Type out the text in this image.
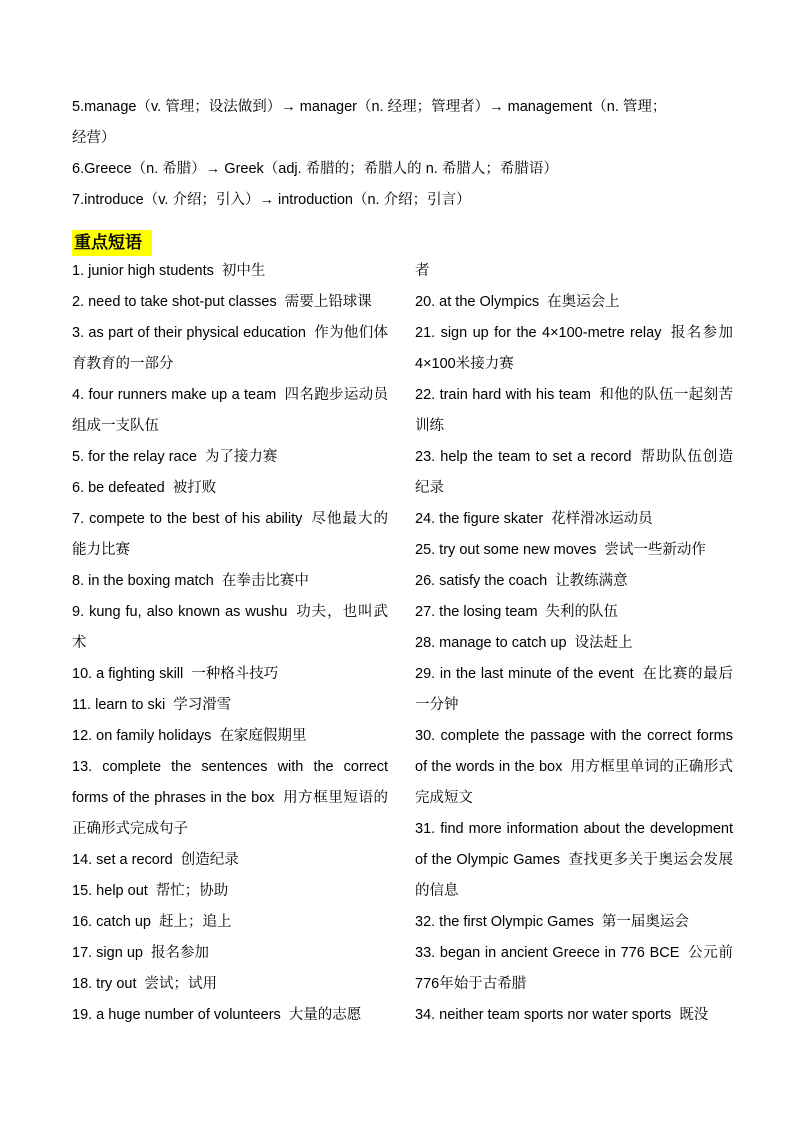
5.manage（v. 管理；设法做到）→ manager（n. 经理；管理者）→ management（n. 管理；
经营）
6.Greece（n. 希腊）→ Greek（adj. 希腊的；希腊人的 n. 希腊人；希腊语）
7.introduce（v. 介绍；引入）→ introduction（n. 介绍；引言）
重点短语
1. junior high students 初中生
2. need to take shot-put classes 需要上铅球课
3. as part of their physical education 作为他们体育教育的一部分
4. four runners make up a team 四名跑步运动员组成一支队伍
5. for the relay race 为了接力赛
6. be defeated 被打败
7. compete to the best of his ability 尽他最大的能力比赛
8. in the boxing match 在拳击比赛中
9. kung fu, also known as wushu 功夫，也叫武术
10. a fighting skill 一种格斗技巧
11. learn to ski 学习滑雪
12. on family holidays 在家庭假期里
13. complete the sentences with the correct forms of the phrases in the box 用方框里短语的正确形式完成句子
14. set a record 创造纪录
15. help out 帮忙；协助
16. catch up 赶上；追上
17. sign up 报名参加
18. try out 尝试；试用
19. a huge number of volunteers 大量的志愿
者
20. at the Olympics 在奥运会上
21. sign up for the 4×100-metre relay 报名参加4×100米接力赛
22. train hard with his team 和他的队伍一起刻苦训练
23. help the team to set a record 帮助队伍创造纪录
24. the figure skater 花样滑冰运动员
25. try out some new moves 尝试一些新动作
26. satisfy the coach 让教练满意
27. the losing team 失利的队伍
28. manage to catch up 设法赶上
29. in the last minute of the event 在比赛的最后一分钟
30. complete the passage with the correct forms of the words in the box 用方框里单词的正确形式完成短文
31. find more information about the development of the Olympic Games 查找更多关于奥运会发展的信息
32. the first Olympic Games 第一届奥运会
33. began in ancient Greece in 776 BCE 公元前776年始于古希腊
34. neither team sports nor water sports 既没
